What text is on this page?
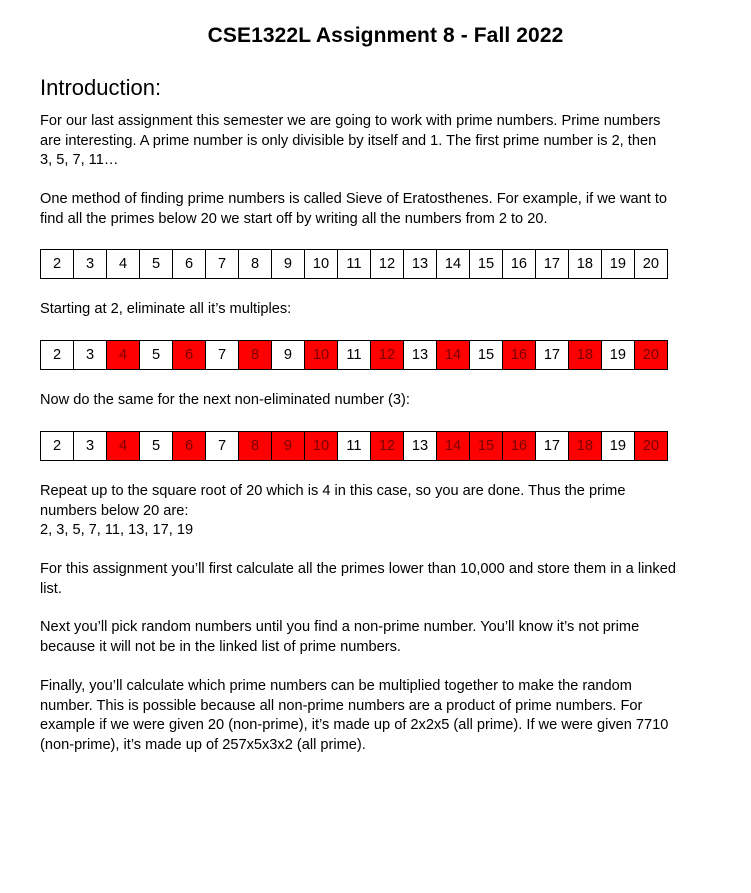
CSE1322L Assignment 8 - Fall 2022
Introduction:

For our last assignment this semester we are going to work with prime numbers. Prime numbers
are interesting. A prime number is only divisible by itself and 1. The first prime number is 2, then
3, 5, 7, 11…

One method of finding prime numbers is called Sieve of Eratosthenes. For example, if we want to
find all the primes below 20 we start off by writing all the numbers from 2 to 20.

2	3	4	5	6	7	8	9	10	11	12	13	14	15	16	17	18	19	20

Starting at 2, eliminate all it’s multiples:

2	3	4	5	6	7	8	9	10	11	12	13	14	15	16	17	18	19	20

Now do the same for the next non-eliminated number (3):

2	3	4	5	6	7	8	9	10	11	12	13	14	15	16	17	18	19	20

Repeat up to the square root of 20 which is 4 in this case, so you are done. Thus the prime
numbers below 20 are:
2, 3, 5, 7, 11, 13, 17, 19

For this assignment you’ll first calculate all the primes lower than 10,000 and store them in a linked
list.

Next you’ll pick random numbers until you find a non-prime number. You’ll know it’s not prime
because it will not be in the linked list of prime numbers.

Finally, you’ll calculate which prime numbers can be multiplied together to make the random
number. This is possible because all non-prime numbers are a product of prime numbers. For
example if we were given 20 (non-prime), it’s made up of 2x2x5 (all prime). If we were given 7710
(non-prime), it’s made up of 257x5x3x2 (all prime).
